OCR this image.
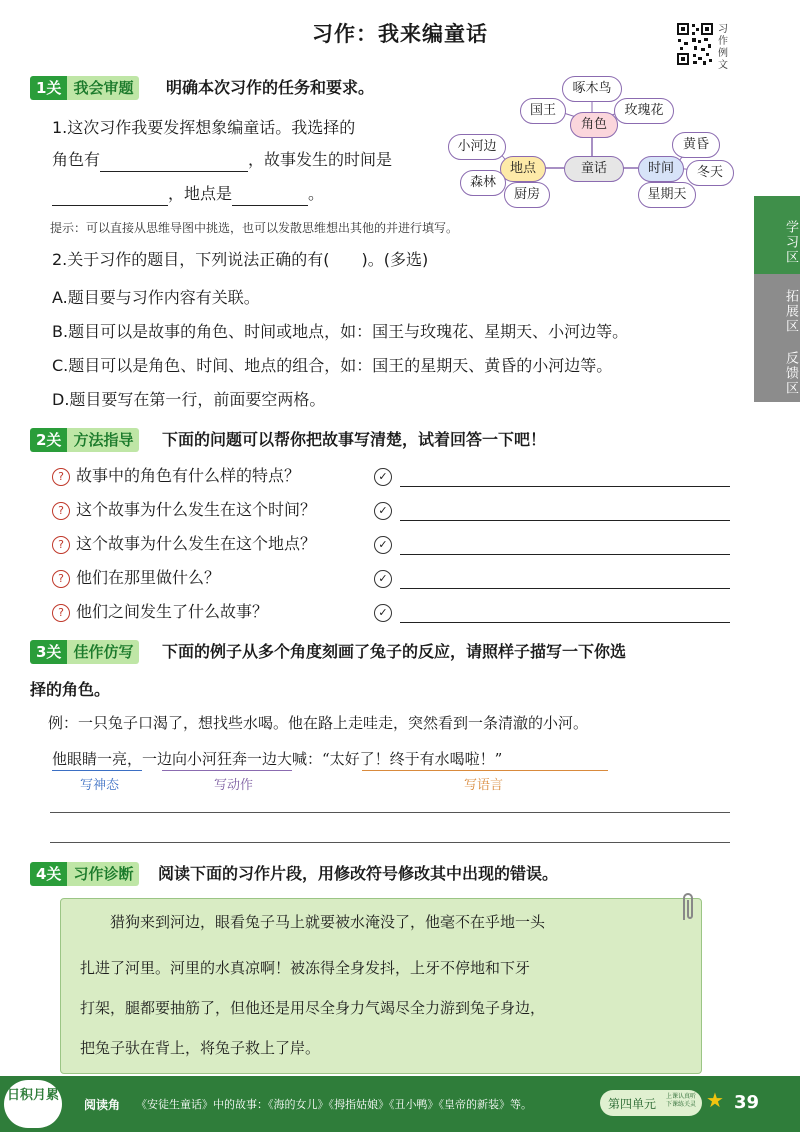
习作：我来编童话	习作例文
1关 我会审题	明确本次习作的任务和要求。
1.这次习作我要发挥想象编童话。我选择的
角色有	，故事发生的时间是
，地点是	。
童话
角色
地点	时间
啄木鸟
国王	玫瑰花
小河边
森林
厨房
黄昏
冬天
星期天
提示：可以直接从思维导图中挑选，也可以发散思维想出其他的并进行填写。
2.关于习作的题目，下列说法正确的有(　　)。(多选)
A.题目要与习作内容有关联。
B.题目可以是故事的角色、时间或地点，如：国王与玫瑰花、星期天、小河边等。
C.题目可以是角色、时间、地点的组合，如：国王的星期天、黄昏的小河边等。
D.题目要写在第一行，前面要空两格。
学习区
拓展区
反馈区
2关 方法指导	下面的问题可以帮你把故事写清楚，试着回答一下吧！
? 故事中的角色有什么样的特点？	✓
? 这个故事为什么发生在这个时间？	✓
? 这个故事为什么发生在这个地点？	✓
? 他们在那里做什么？	✓
? 他们之间发生了什么故事？	✓
3关 佳作仿写	下面的例子从多个角度刻画了兔子的反应，请照样子描写一下你选
择的角色。
例：一只兔子口渴了，想找些水喝。他在路上走哇走，突然看到一条清澈的小河。
他眼睛一亮，一边向小河狂奔一边大喊：“太好了！终于有水喝啦！”
写神态	写动作	写语言
4关 习作诊断	阅读下面的习作片段，用修改符号修改其中出现的错误。
猎狗来到河边，眼看兔子马上就要被水淹没了，他毫不在乎地一头
扎进了河里。河里的水真凉啊！被冻得全身发抖，上牙不停地和下牙
打架，腿都要抽筋了，但他还是用尽全身力气竭尽全力游到兔子身边，
把兔子驮在背上，将兔子救上了岸。
日积月累
阅读角 《安徒生童话》中的故事：《海的女儿》《拇指姑娘》《丑小鸭》《皇帝的新装》等。	第四单元
上课认真听 下课练关灵 ★ 39
